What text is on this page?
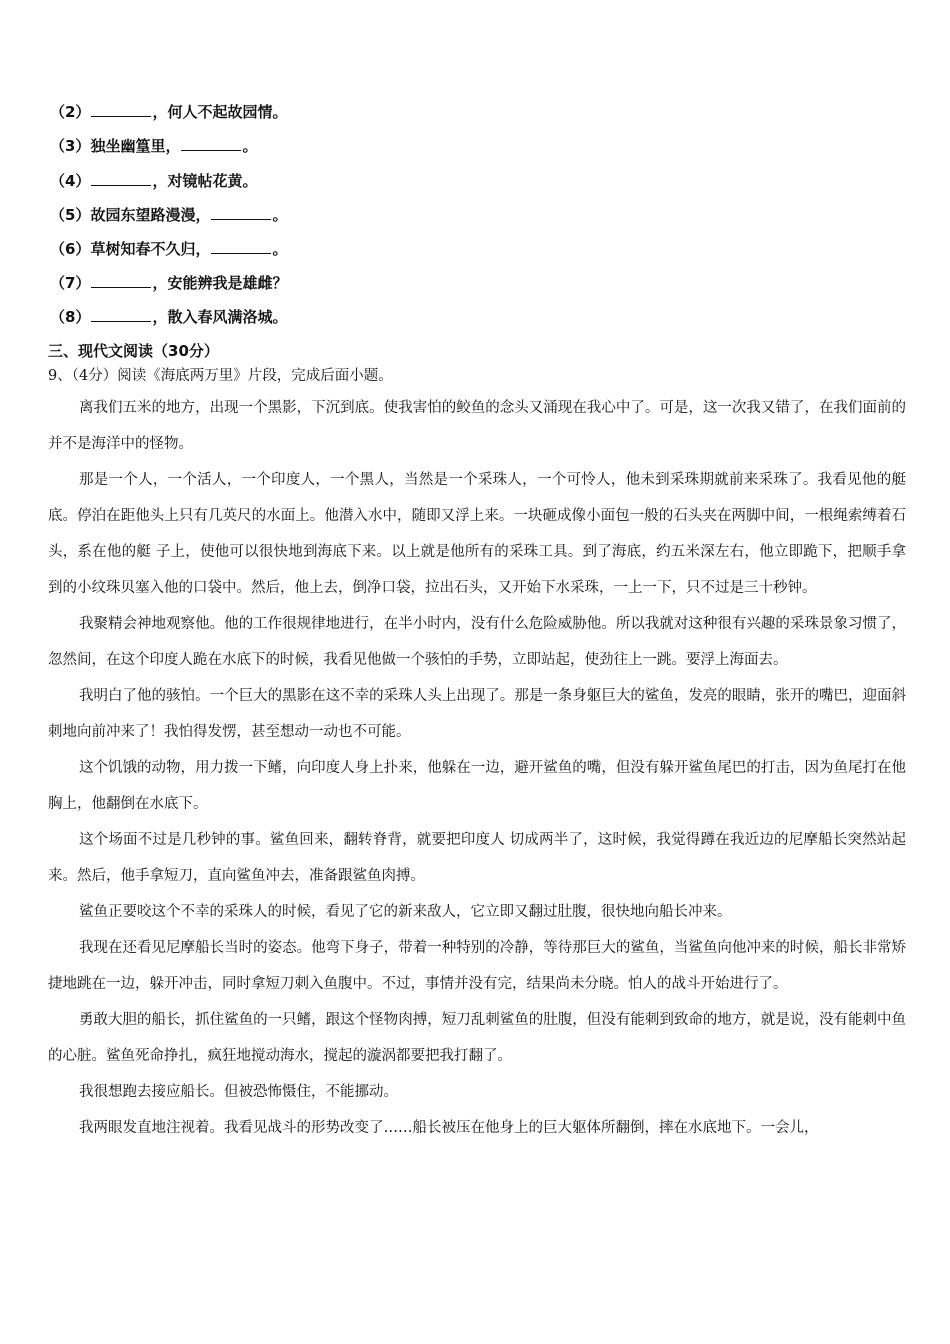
（2）	，何人不起故园情。
（3）独坐幽篁里，	。
（4）	，对镜帖花黄。
（5）故园东望路漫漫，	。
（6）草树知春不久归，	。
（7）	，安能辨我是雄雌？
（8）	，散入春风满洛城。
三、现代文阅读（30分）
9、（4分）阅读《海底两万里》片段，完成后面小题。

离我们五米的地方，出现一个黑影，下沉到底。使我害怕的鲛鱼的念头又涌现在我心中了。可是，这一次我又错了，在我们面前的并不是海洋中的怪物。

那是一个人，一个活人，一个印度人，一个黑人，当然是一个采珠人，一个可怜人，他未到采珠期就前来采珠了。我看见他的艇底。停泊在距他头上只有几英尺的水面上。他潜入水中，随即又浮上来。一块砸成像小面包一般的石头夹在两脚中间，一根绳索缚着石头，系在他的艇 子上，使他可以很快地到海底下来。以上就是他所有的采珠工具。到了海底，约五米深左右，他立即跪下，把顺手拿到的小纹珠贝塞入他的口袋中。然后，他上去，倒净口袋，拉出石头，又开始下水采珠，一上一下，只不过是三十秒钟。

我聚精会神地观察他。他的工作很规律地进行，在半小时内，没有什么危险威胁他。所以我就对这种很有兴趣的采珠景象习惯了，忽然间，在这个印度人跪在水底下的时候，我看见他做一个骇怕的手势，立即站起，使劲往上一跳。要浮上海面去。

我明白了他的骇怕。一个巨大的黑影在这不幸的采珠人头上出现了。那是一条身躯巨大的鲨鱼，发亮的眼睛，张开的嘴巴，迎面斜刺地向前冲来了！我怕得发愣，甚至想动一动也不可能。

这个饥饿的动物，用力拨一下鳍，向印度人身上扑来，他躲在一边，避开鲨鱼的嘴，但没有躲开鲨鱼尾巴的打击，因为鱼尾打在他胸上，他翻倒在水底下。

这个场面不过是几秒钟的事。鲨鱼回来，翻转脊背，就要把印度人 切成两半了，这时候，我觉得蹲在我近边的尼摩船长突然站起来。然后，他手拿短刀，直向鲨鱼冲去，准备跟鲨鱼肉搏。

鲨鱼正要咬这个不幸的采珠人的时候，看见了它的新来敌人，它立即又翻过肚腹，很快地向船长冲来。

我现在还看见尼摩船长当时的姿态。他弯下身子，带着一种特别的冷静，等待那巨大的鲨鱼，当鲨鱼向他冲来的时候，船长非常矫捷地跳在一边，躲开冲击，同时拿短刀刺入鱼腹中。不过，事情并没有完，结果尚未分晓。怕人的战斗开始进行了。

勇敢大胆的船长，抓住鲨鱼的一只鳍，跟这个怪物肉搏，短刀乱刺鲨鱼的肚腹，但没有能刺到致命的地方，就是说，没有能刺中鱼的心脏。鲨鱼死命挣扎，疯狂地搅动海水，搅起的漩涡都要把我打翻了。

我很想跑去接应船长。但被恐怖慑住，不能挪动。

我两眼发直地注视着。我看见战斗的形势改变了……船长被压在他身上的巨大躯体所翻倒，摔在水底地下。一会儿，
